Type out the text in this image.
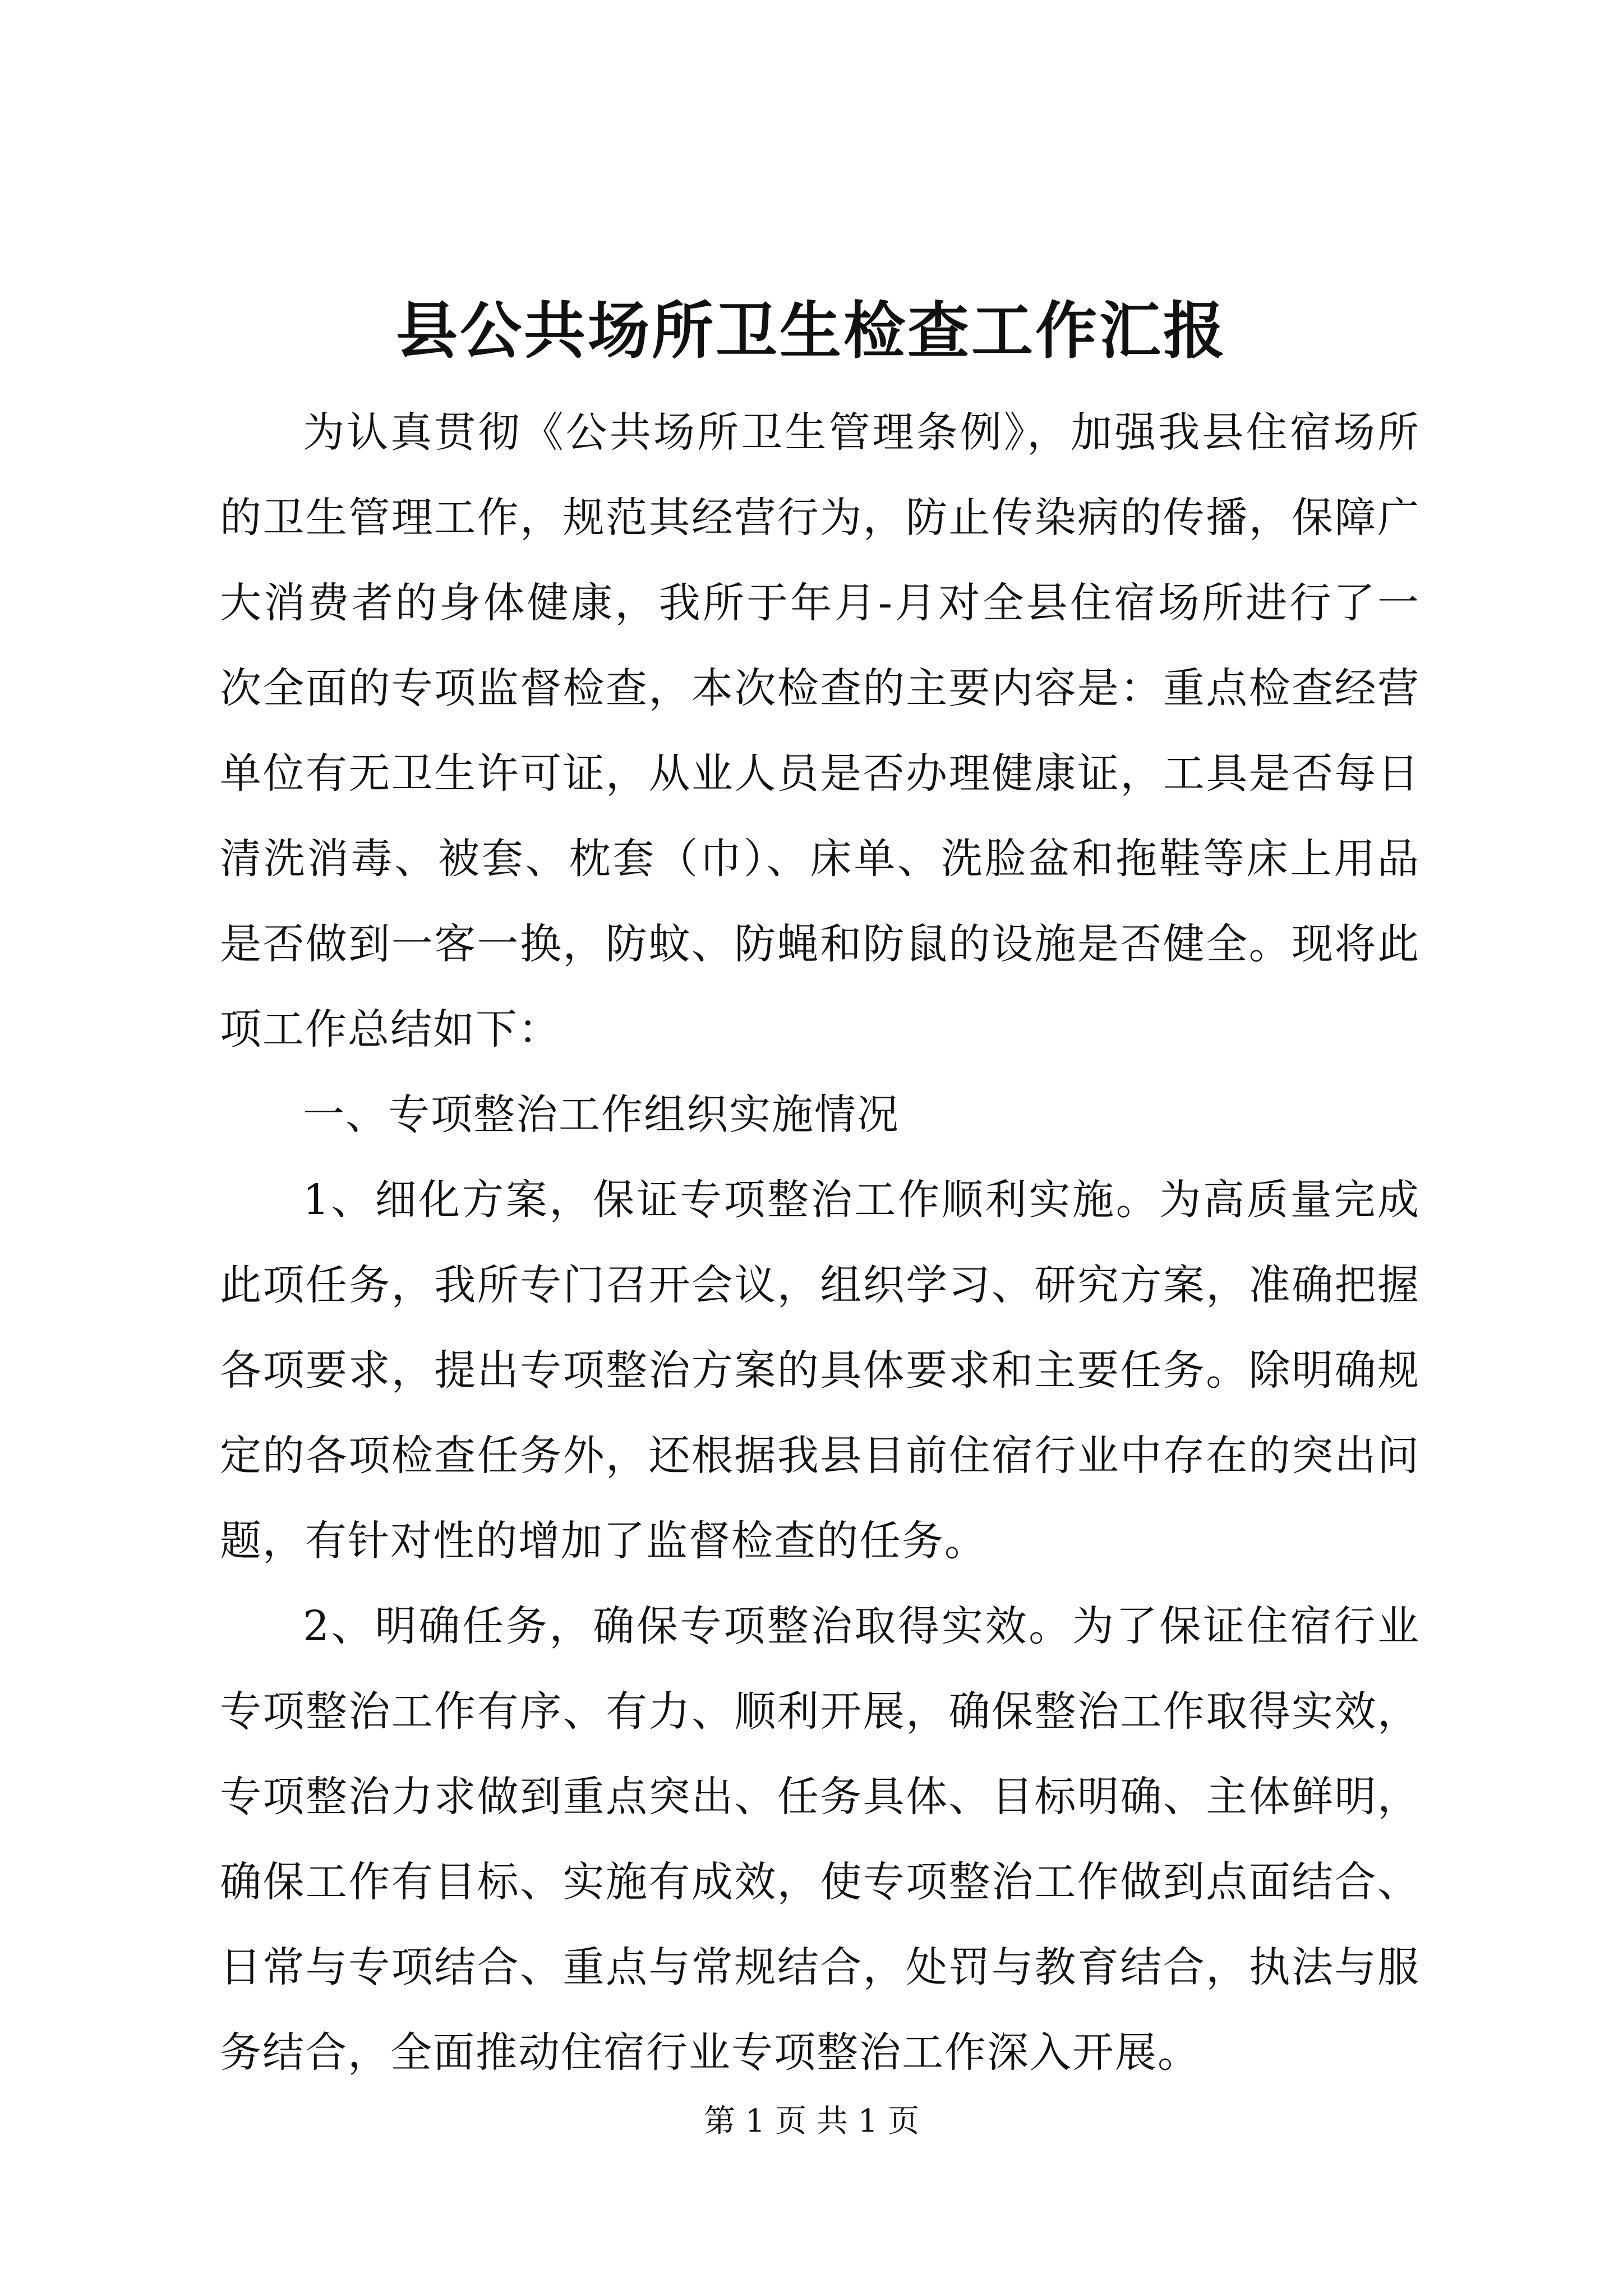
县公共场所卫生检查工作汇报

为认真贯彻《公共场所卫生管理条例》，加强我县住宿场所的卫生管理工作，规范其经营行为，防止传染病的传播，保障广大消费者的身体健康，我所于年月-月对全县住宿场所进行了一次全面的专项监督检查，本次检查的主要内容是：重点检查经营单位有无卫生许可证，从业人员是否办理健康证，工具是否每日清洗消毒、被套、枕套（巾）、床单、洗脸盆和拖鞋等床上用品是否做到一客一换，防蚊、防蝇和防鼠的设施是否健全。现将此项工作总结如下：

一、专项整治工作组织实施情况

1、细化方案，保证专项整治工作顺利实施。为高质量完成此项任务，我所专门召开会议，组织学习、研究方案，准确把握各项要求，提出专项整治方案的具体要求和主要任务。除明确规定的各项检查任务外，还根据我县目前住宿行业中存在的突出问题，有针对性的增加了监督检查的任务。

2、明确任务，确保专项整治取得实效。为了保证住宿行业专项整治工作有序、有力、顺利开展，确保整治工作取得实效，专项整治力求做到重点突出、任务具体、目标明确、主体鲜明，确保工作有目标、实施有成效，使专项整治工作做到点面结合、日常与专项结合、重点与常规结合，处罚与教育结合，执法与服务结合，全面推动住宿行业专项整治工作深入开展。

第 1 页 共 1 页
